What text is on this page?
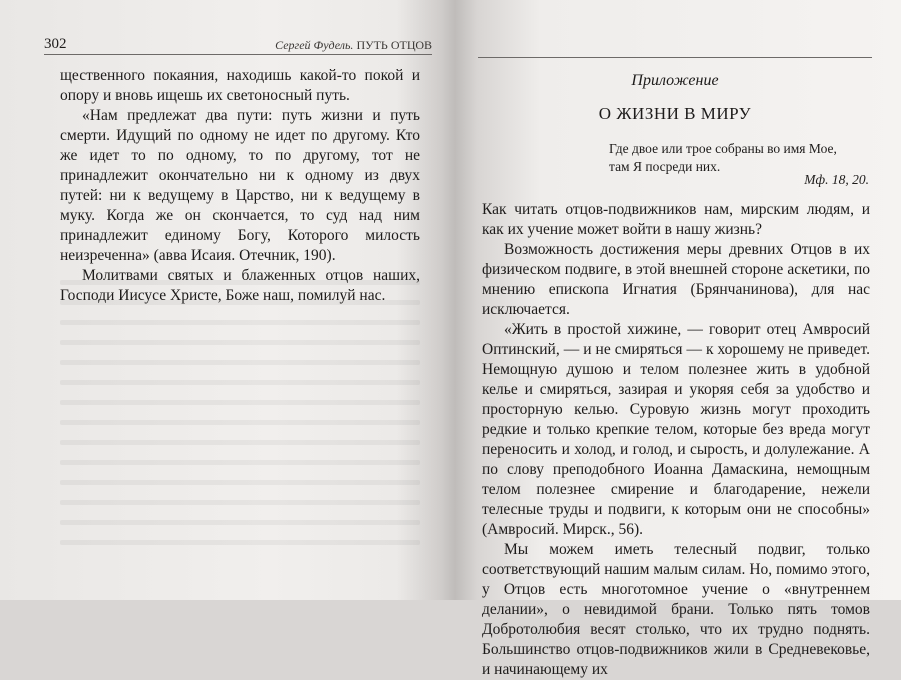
302	Сергей Фудель. ПУТЬ ОТЦОВ

щественного покаяния, находишь какой-то покой и опору и вновь ищешь их светоносный путь.

«Нам предлежат два пути: путь жизни и путь смерти. Идущий по одному не идет по другому. Кто же идет то по одному, то по другому, тот не принадлежит окончательно ни к одному из двух путей: ни к ведущему в Царство, ни к ведущему в муку. Когда же он скончается, то суд над ним принадлежит единому Богу, Которого милость неизреченна» (авва Исаия. Отечник, 190).

Молитвами святых и блаженных отцов наших, Господи Иисусе Христе, Боже наш, помилуй нас.

Приложение
О ЖИЗНИ В МИРУ
Где двое или трое собраны во имя Мое,
там Я посреди них.
Мф. 18, 20.

Как читать отцов-подвижников нам, мирским людям, и как их учение может войти в нашу жизнь?

Возможность достижения меры древних Отцов в их физическом подвиге, в этой внешней стороне аскетики, по мнению епископа Игнатия (Брянчанинова), для нас исключается.

«Жить в простой хижине, — говорит отец Амвросий Оптинский, — и не смиряться — к хорошему не приведет. Немощную душою и телом полезнее жить в удобной келье и смиряться, зазирая и укоряя себя за удобство и просторную келью. Суровую жизнь могут проходить редкие и только крепкие телом, которые без вреда могут переносить и холод, и голод, и сырость, и долулежание. А по слову преподобного Иоанна Дамаскина, немощным телом полезнее смирение и благодарение, нежели телесные труды и подвиги, к которым они не способны» (Амвросий. Мирск., 56).

Мы можем иметь телесный подвиг, только соответствующий нашим малым силам. Но, помимо этого, у Отцов есть многотомное учение о «внутреннем делании», о невидимой брани. Только пять томов Добротолюбия весят столько, что их трудно поднять. Большинство отцов-подвижников жили в Средневековье, и начинающему их
